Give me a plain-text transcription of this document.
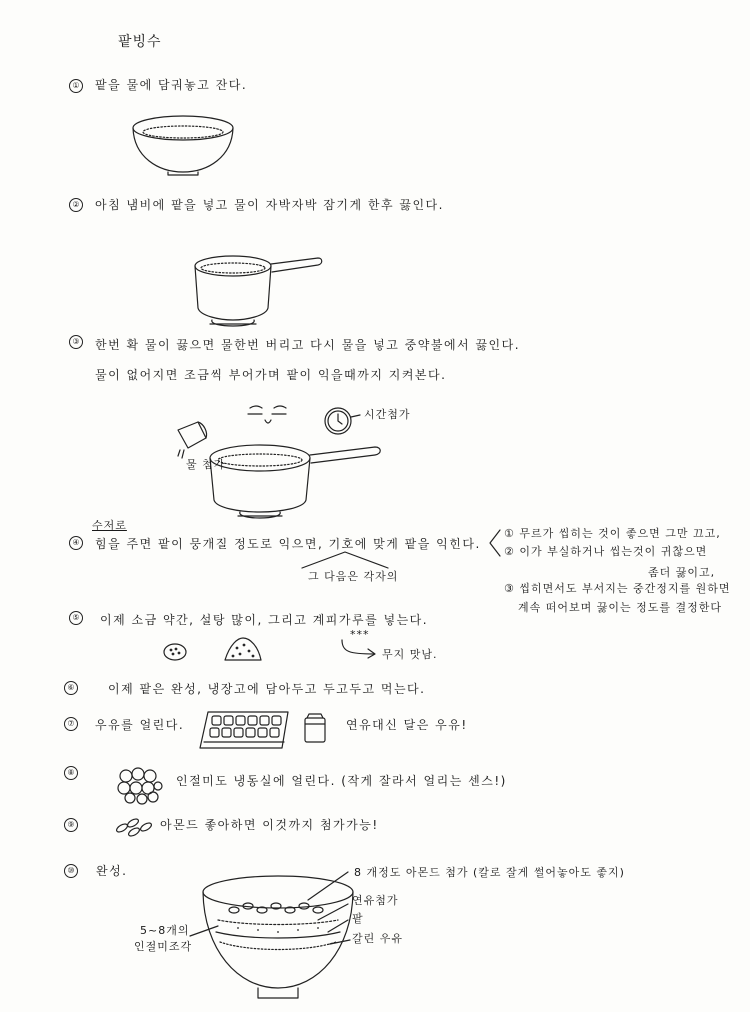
팥빙수
① 팥을 물에 담궈놓고 잔다.
② 아침 냄비에 팥을 넣고 물이 자박자박 잠기게 한후 끓인다.
③ 한번 확 물이 끓으면 물한번 버리고 다시 물을 넣고 중약불에서 끓인다.
물이 없어지면 조금씩 부어가며 팥이 익을때까지 지켜본다.
시간첨가
물 첨가
④
수저로
힘을 주면 팥이 뭉개질 정도로 익으면, 기호에 맞게 팥을 익힌다.
그 다음은 각자의
① 무르가 씹히는 것이 좋으면 그만 끄고,
② 이가 부실하거나 씹는것이 귀찮으면
좀더 끓이고,
③ 씹히면서도 부서지는 중간정지를 원하면
계속 떠어보며 끓이는 정도를 결정한다
⑤ 이제 소금 약간, 설탕 많이, 그리고 계피가루를 넣는다.
***
무지 맛남.
⑥	이제 팥은 완성, 냉장고에 담아두고 두고두고 먹는다.
⑦ 우유를 얼린다.	연유대신 달은 우유!
⑧
인절미도 냉동실에 얼린다. (작게 잘라서 얼리는 센스!)
⑨	아몬드 좋아하면 이것까지 첨가가능!
⑩ 완성.	8 개정도 아몬드 첨가 (칼로 잘게 썰어놓아도 좋지)
연유첨가
팥
갈린 우유
5~8개의
인절미조각
